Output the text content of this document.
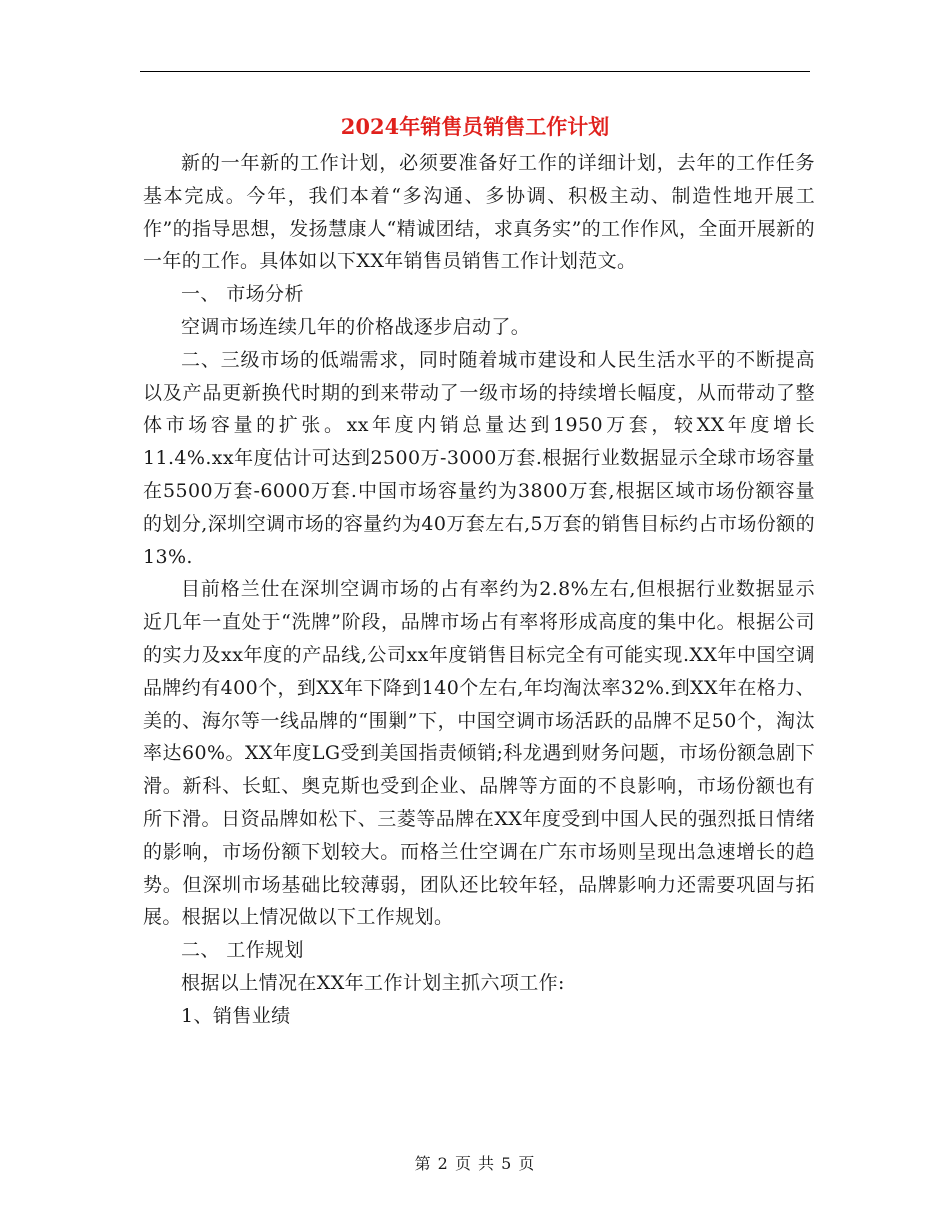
2024年销售员销售工作计划

新的一年新的工作计划，必须要准备好工作的详细计划，去年的工作任务基本完成。今年，我们本着“多沟通、多协调、积极主动、制造性地开展工作”的指导思想，发扬慧康人“精诚团结，求真务实”的工作作风，全面开展新的一年的工作。具体如以下XX年销售员销售工作计划范文。

一、 市场分析

空调市场连续几年的价格战逐步启动了。

二、三级市场的低端需求，同时随着城市建设和人民生活水平的不断提高以及产品更新换代时期的到来带动了一级市场的持续增长幅度，从而带动了整体市场容量的扩张。xx年度内销总量达到1950万套，较XX年度增长11.4%.xx年度估计可达到2500万-3000万套.根据行业数据显示全球市场容量在5500万套-6000万套.中国市场容量约为3800万套,根据区域市场份额容量的划分,深圳空调市场的容量约为40万套左右,5万套的销售目标约占市场份额的13%.

目前格兰仕在深圳空调市场的占有率约为2.8%左右,但根据行业数据显示近几年一直处于“洗牌”阶段，品牌市场占有率将形成高度的集中化。根据公司的实力及xx年度的产品线,公司xx年度销售目标完全有可能实现.XX年中国空调品牌约有400个，到XX年下降到140个左右,年均淘汰率32%.到XX年在格力、美的、海尔等一线品牌的“围剿”下，中国空调市场活跃的品牌不足50个，淘汰率达60%。XX年度LG受到美国指责倾销;科龙遇到财务问题，市场份额急剧下滑。新科、长虹、奥克斯也受到企业、品牌等方面的不良影响，市场份额也有所下滑。日资品牌如松下、三菱等品牌在XX年度受到中国人民的强烈抵日情绪的影响，市场份额下划较大。而格兰仕空调在广东市场则呈现出急速增长的趋势。但深圳市场基础比较薄弱，团队还比较年轻，品牌影响力还需要巩固与拓展。根据以上情况做以下工作规划。

二、 工作规划

根据以上情况在XX年工作计划主抓六项工作:

1、销售业绩

第 2 页 共 5 页
